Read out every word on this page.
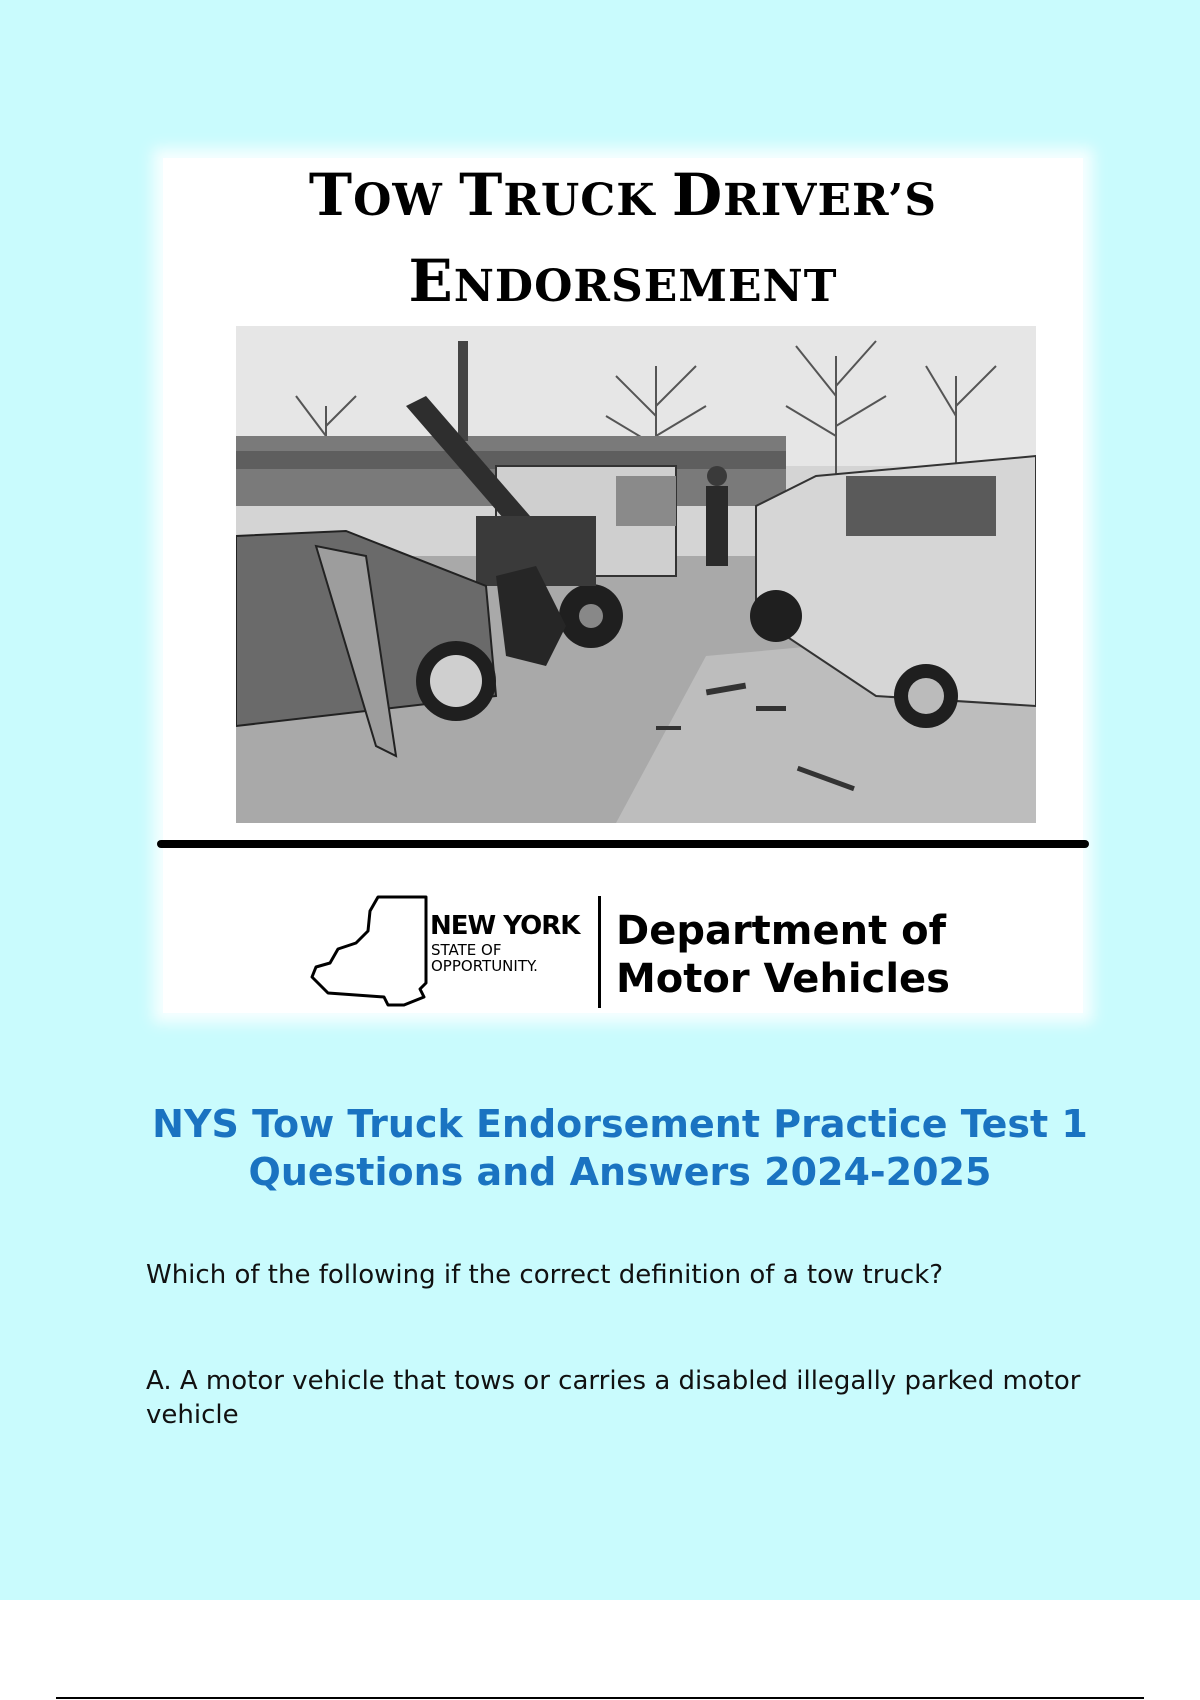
TOW TRUCK DRIVER’S
ENDORSEMENT
NEW YORK
STATE OF
OPPORTUNITY.
Department of
Motor Vehicles
NYS Tow Truck Endorsement Practice Test 1 Questions and Answers 2024-2025
Which of the following if the correct definition of a tow truck?
A. A motor vehicle that tows or carries a disabled illegally parked motor vehicle
